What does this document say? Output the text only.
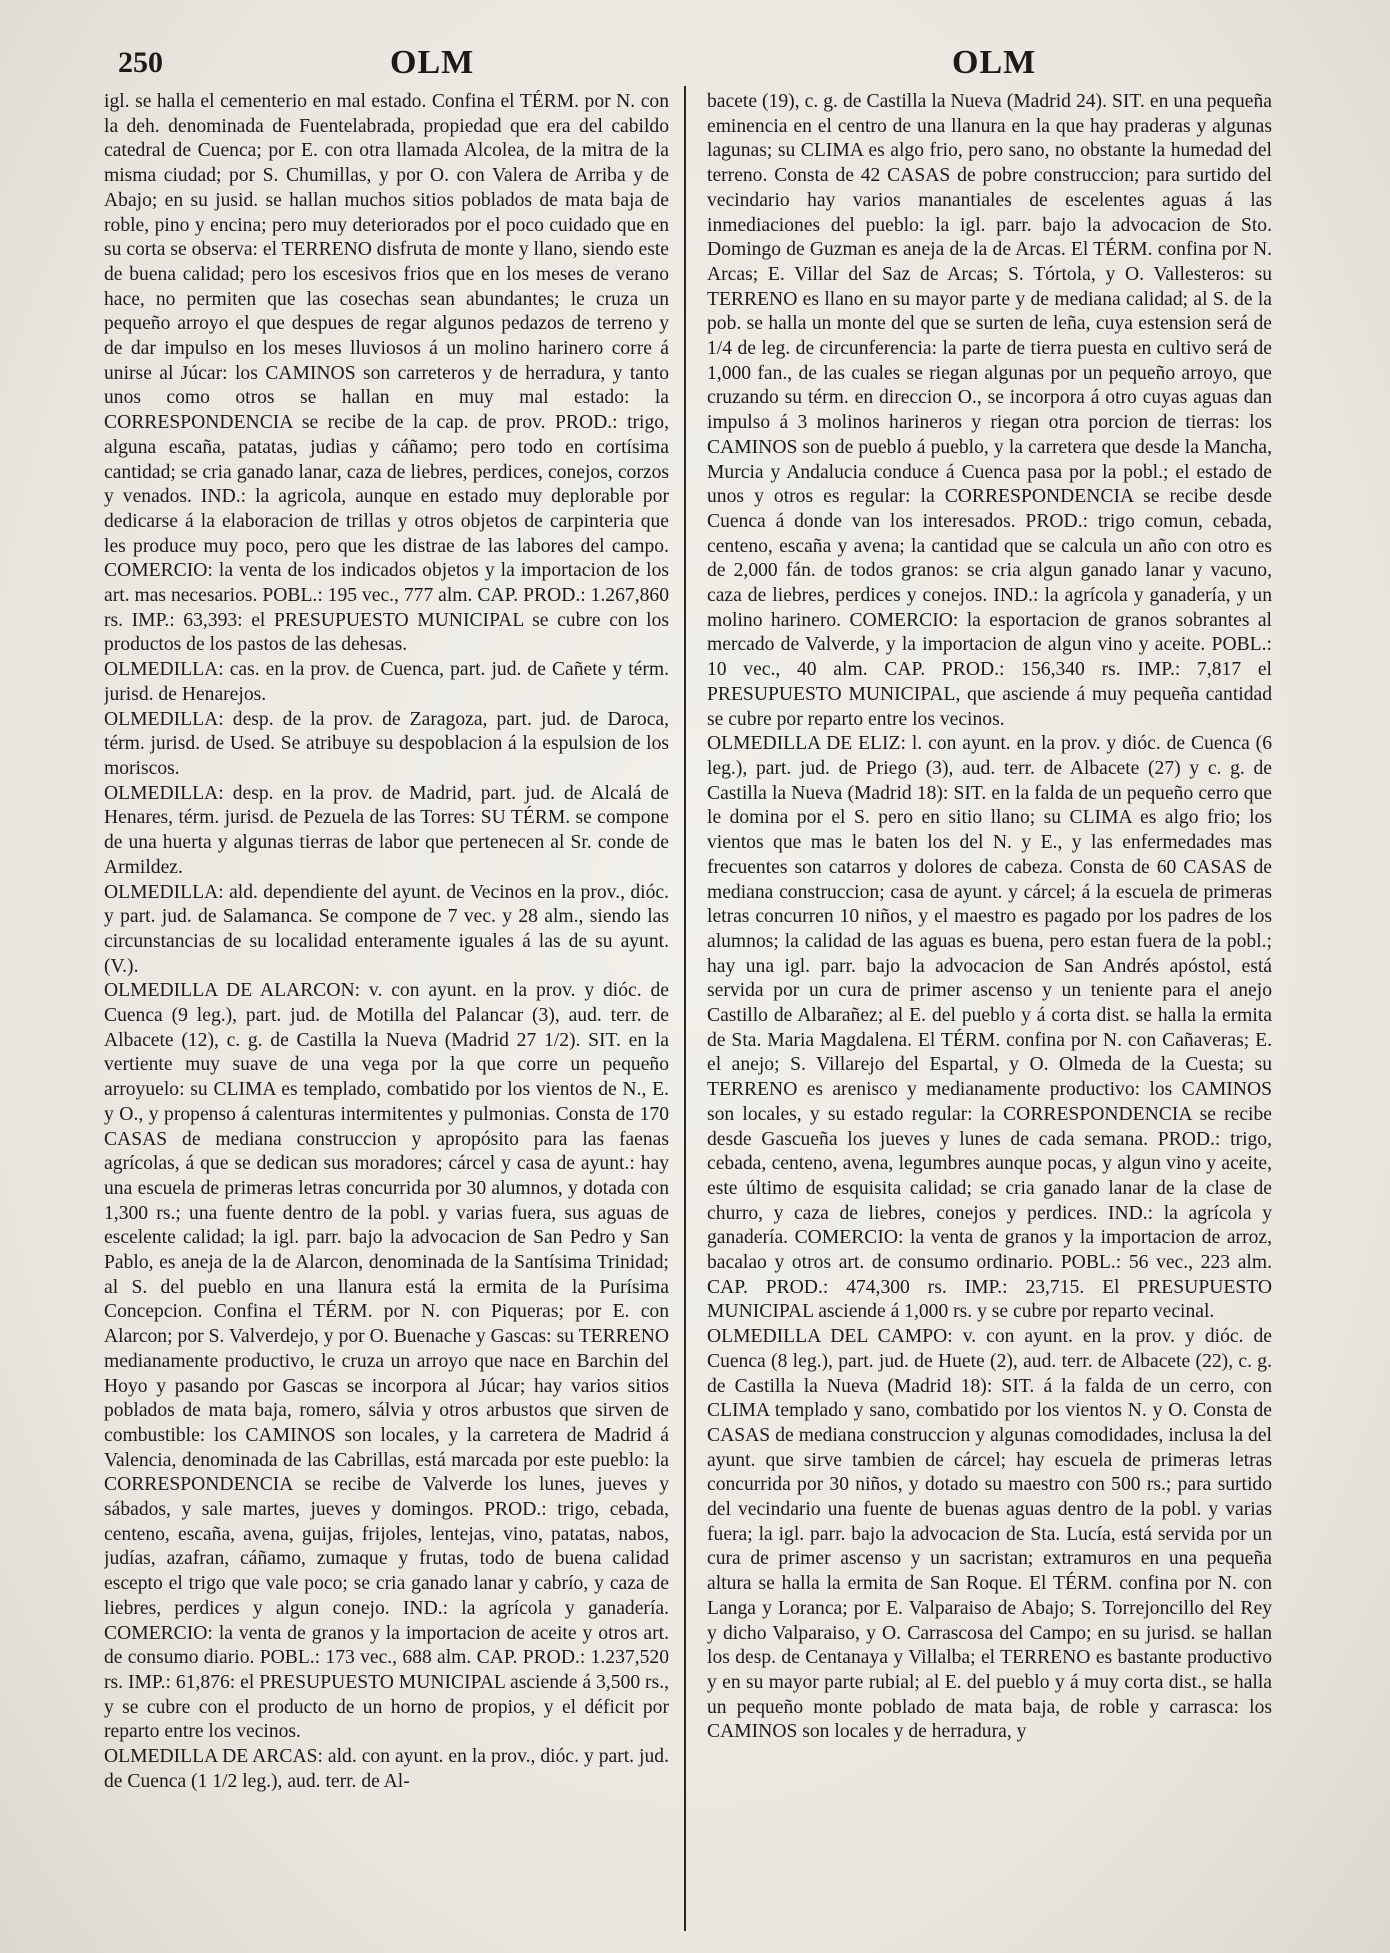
250	OLM	OLM

igl. se halla el cementerio en mal estado. Confina el TÉRM. por N. con la deh. denominada de Fuentelabrada, propiedad que era del cabildo catedral de Cuenca; por E. con otra llamada Alcolea, de la mitra de la misma ciudad; por S. Chumillas, y por O. con Valera de Arriba y de Abajo; en su jusid. se hallan muchos sitios poblados de mata baja de roble, pino y encina; pero muy deteriorados por el poco cuidado que en su corta se observa: el TERRENO disfruta de monte y llano, siendo este de buena calidad; pero los escesivos frios que en los meses de verano hace, no permiten que las cosechas sean abundantes; le cruza un pequeño arroyo el que despues de regar algunos pedazos de terreno y de dar impulso en los meses lluviosos á un molino harinero corre á unirse al Júcar: los CAMINOS son carreteros y de herradura, y tanto unos como otros se hallan en muy mal estado: la CORRESPONDENCIA se recibe de la cap. de prov. PROD.: trigo, alguna escaña, patatas, judias y cáñamo; pero todo en cortísima cantidad; se cria ganado lanar, caza de liebres, perdices, conejos, corzos y venados. IND.: la agricola, aunque en estado muy deplorable por dedicarse á la elaboracion de trillas y otros objetos de carpinteria que les produce muy poco, pero que les distrae de las labores del campo. COMERCIO: la venta de los indicados objetos y la importacion de los art. mas necesarios. POBL.: 195 vec., 777 alm. CAP. PROD.: 1.267,860 rs. IMP.: 63,393: el PRESUPUESTO MUNICIPAL se cubre con los productos de los pastos de las dehesas.

OLMEDILLA: cas. en la prov. de Cuenca, part. jud. de Cañete y térm. jurisd. de Henarejos.

OLMEDILLA: desp. de la prov. de Zaragoza, part. jud. de Daroca, térm. jurisd. de Used. Se atribuye su despoblacion á la espulsion de los moriscos.

OLMEDILLA: desp. en la prov. de Madrid, part. jud. de Alcalá de Henares, térm. jurisd. de Pezuela de las Torres: SU TÉRM. se compone de una huerta y algunas tierras de labor que pertenecen al Sr. conde de Armildez.

OLMEDILLA: ald. dependiente del ayunt. de Vecinos en la prov., dióc. y part. jud. de Salamanca. Se compone de 7 vec. y 28 alm., siendo las circunstancias de su localidad enteramente iguales á las de su ayunt. (V.).

OLMEDILLA DE ALARCON: v. con ayunt. en la prov. y dióc. de Cuenca (9 leg.), part. jud. de Motilla del Palancar (3), aud. terr. de Albacete (12), c. g. de Castilla la Nueva (Madrid 27 1/2). SIT. en la vertiente muy suave de una vega por la que corre un pequeño arroyuelo: su CLIMA es templado, combatido por los vientos de N., E. y O., y propenso á calenturas intermitentes y pulmonias. Consta de 170 CASAS de mediana construccion y apropósito para las faenas agrícolas, á que se dedican sus moradores; cárcel y casa de ayunt.: hay una escuela de primeras letras concurrida por 30 alumnos, y dotada con 1,300 rs.; una fuente dentro de la pobl. y varias fuera, sus aguas de escelente calidad; la igl. parr. bajo la advocacion de San Pedro y San Pablo, es aneja de la de Alarcon, denominada de la Santísima Trinidad; al S. del pueblo en una llanura está la ermita de la Purísima Concepcion. Confina el TÉRM. por N. con Piqueras; por E. con Alarcon; por S. Valverdejo, y por O. Buenache y Gascas: su TERRENO medianamente productivo, le cruza un arroyo que nace en Barchin del Hoyo y pasando por Gascas se incorpora al Júcar; hay varios sitios poblados de mata baja, romero, sálvia y otros arbustos que sirven de combustible: los CAMINOS son locales, y la carretera de Madrid á Valencia, denominada de las Cabrillas, está marcada por este pueblo: la CORRESPONDENCIA se recibe de Valverde los lunes, jueves y sábados, y sale martes, jueves y domingos. PROD.: trigo, cebada, centeno, escaña, avena, guijas, frijoles, lentejas, vino, patatas, nabos, judías, azafran, cáñamo, zumaque y frutas, todo de buena calidad escepto el trigo que vale poco; se cria ganado lanar y cabrío, y caza de liebres, perdices y algun conejo. IND.: la agrícola y ganadería. COMERCIO: la venta de granos y la importacion de aceite y otros art. de consumo diario. POBL.: 173 vec., 688 alm. CAP. PROD.: 1.237,520 rs. IMP.: 61,876: el PRESUPUESTO MUNICIPAL asciende á 3,500 rs., y se cubre con el producto de un horno de propios, y el déficit por reparto entre los vecinos.

OLMEDILLA DE ARCAS: ald. con ayunt. en la prov., dióc. y part. jud. de Cuenca (1 1/2 leg.), aud. terr. de Al-

bacete (19), c. g. de Castilla la Nueva (Madrid 24). SIT. en una pequeña eminencia en el centro de una llanura en la que hay praderas y algunas lagunas; su CLIMA es algo frio, pero sano, no obstante la humedad del terreno. Consta de 42 CASAS de pobre construccion; para surtido del vecindario hay varios manantiales de escelentes aguas á las inmediaciones del pueblo: la igl. parr. bajo la advocacion de Sto. Domingo de Guzman es aneja de la de Arcas. El TÉRM. confina por N. Arcas; E. Villar del Saz de Arcas; S. Tórtola, y O. Vallesteros: su TERRENO es llano en su mayor parte y de mediana calidad; al S. de la pob. se halla un monte del que se surten de leña, cuya estension será de 1/4 de leg. de circunferencia: la parte de tierra puesta en cultivo será de 1,000 fan., de las cuales se riegan algunas por un pequeño arroyo, que cruzando su térm. en direccion O., se incorpora á otro cuyas aguas dan impulso á 3 molinos harineros y riegan otra porcion de tierras: los CAMINOS son de pueblo á pueblo, y la carretera que desde la Mancha, Murcia y Andalucia conduce á Cuenca pasa por la pobl.; el estado de unos y otros es regular: la CORRESPONDENCIA se recibe desde Cuenca á donde van los interesados. PROD.: trigo comun, cebada, centeno, escaña y avena; la cantidad que se calcula un año con otro es de 2,000 fán. de todos granos: se cria algun ganado lanar y vacuno, caza de liebres, perdices y conejos. IND.: la agrícola y ganadería, y un molino harinero. COMERCIO: la esportacion de granos sobrantes al mercado de Valverde, y la importacion de algun vino y aceite. POBL.: 10 vec., 40 alm. CAP. PROD.: 156,340 rs. IMP.: 7,817 el PRESUPUESTO MUNICIPAL, que asciende á muy pequeña cantidad se cubre por reparto entre los vecinos.

OLMEDILLA DE ELIZ: l. con ayunt. en la prov. y dióc. de Cuenca (6 leg.), part. jud. de Priego (3), aud. terr. de Albacete (27) y c. g. de Castilla la Nueva (Madrid 18): SIT. en la falda de un pequeño cerro que le domina por el S. pero en sitio llano; su CLIMA es algo frio; los vientos que mas le baten los del N. y E., y las enfermedades mas frecuentes son catarros y dolores de cabeza. Consta de 60 CASAS de mediana construccion; casa de ayunt. y cárcel; á la escuela de primeras letras concurren 10 niños, y el maestro es pagado por los padres de los alumnos; la calidad de las aguas es buena, pero estan fuera de la pobl.; hay una igl. parr. bajo la advocacion de San Andrés apóstol, está servida por un cura de primer ascenso y un teniente para el anejo Castillo de Albarañez; al E. del pueblo y á corta dist. se halla la ermita de Sta. Maria Magdalena. El TÉRM. confina por N. con Cañaveras; E. el anejo; S. Villarejo del Espartal, y O. Olmeda de la Cuesta; su TERRENO es arenisco y medianamente productivo: los CAMINOS son locales, y su estado regular: la CORRESPONDENCIA se recibe desde Gascueña los jueves y lunes de cada semana. PROD.: trigo, cebada, centeno, avena, legumbres aunque pocas, y algun vino y aceite, este último de esquisita calidad; se cria ganado lanar de la clase de churro, y caza de liebres, conejos y perdices. IND.: la agrícola y ganadería. COMERCIO: la venta de granos y la importacion de arroz, bacalao y otros art. de consumo ordinario. POBL.: 56 vec., 223 alm. CAP. PROD.: 474,300 rs. IMP.: 23,715. El PRESUPUESTO MUNICIPAL asciende á 1,000 rs. y se cubre por reparto vecinal.

OLMEDILLA DEL CAMPO: v. con ayunt. en la prov. y dióc. de Cuenca (8 leg.), part. jud. de Huete (2), aud. terr. de Albacete (22), c. g. de Castilla la Nueva (Madrid 18): SIT. á la falda de un cerro, con CLIMA templado y sano, combatido por los vientos N. y O. Consta de CASAS de mediana construccion y algunas comodidades, inclusa la del ayunt. que sirve tambien de cárcel; hay escuela de primeras letras concurrida por 30 niños, y dotado su maestro con 500 rs.; para surtido del vecindario una fuente de buenas aguas dentro de la pobl. y varias fuera; la igl. parr. bajo la advocacion de Sta. Lucía, está servida por un cura de primer ascenso y un sacristan; extramuros en una pequeña altura se halla la ermita de San Roque. El TÉRM. confina por N. con Langa y Loranca; por E. Valparaiso de Abajo; S. Torrejoncillo del Rey y dicho Valparaiso, y O. Carrascosa del Campo; en su jurisd. se hallan los desp. de Centanaya y Villalba; el TERRENO es bastante productivo y en su mayor parte rubial; al E. del pueblo y á muy corta dist., se halla un pequeño monte poblado de mata baja, de roble y carrasca: los CAMINOS son locales y de herradura, y
